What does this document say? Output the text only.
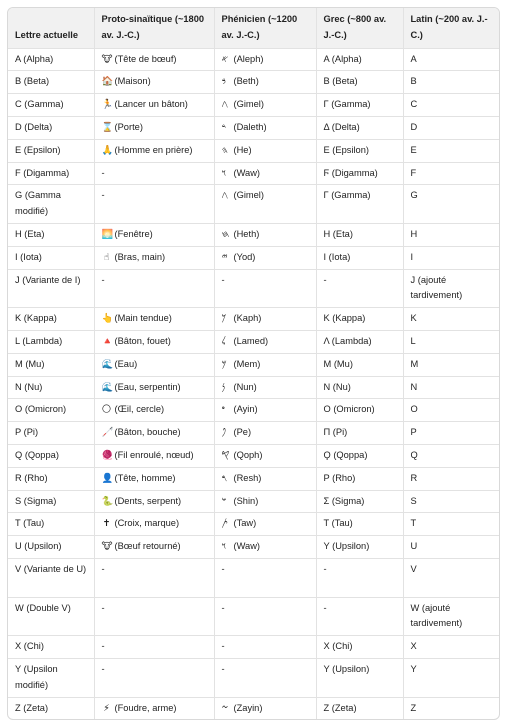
Lettre actuelle	Proto-sinaïtique (~1800 av. J.-C.)	Phénicien (~1200 av. J.-C.)	Grec (~800 av. J.-C.)	Latin (~200 av. J.-C.)
A (Alpha)	🐮 (Tête de bœuf)	𐤀 (Aleph)	Α (Alpha)	A
B (Beta)	🏠(Maison)	𐤁 (Beth)	Β (Beta)	B
C (Gamma)	🏃(Lancer un bâton)	𐤂 (Gimel)	Γ (Gamma)	C
D (Delta)	⌛(Porte)	𐤃 (Daleth)	Δ (Delta)	D
E (Epsilon)	🙏(Homme en prière)	𐤄 (He)	Ε (Epsilon)	E
F (Digamma)	-	𐤅 (Waw)	Ϝ (Digamma)	F
G (Gamma modifié)	-	𐤂 (Gimel)	Γ (Gamma)	G
H (Eta)	🌅(Fenêtre)	𐤇 (Heth)	Η (Eta)	H
I (Iota)	☝ (Bras, main)	𐤉 (Yod)	Ι (Iota)	I
J (Variante de I)	-	-	-	J (ajouté tardivement)
K (Kappa)	👆(Main tendue)	𐤊 (Kaph)	Κ (Kappa)	K
L (Lambda)	🔺(Bâton, fouet)	𐤋 (Lamed)	Λ (Lambda)	L
M (Mu)	🌊(Eau)	𐤌 (Mem)	Μ (Mu)	M
N (Nu)	🌊(Eau, serpentin)	𐤍 (Nun)	Ν (Nu)	N
O (Omicron)	🌕 (Œil, cercle)	𐤏 (Ayin)	Ο (Omicron)	O
P (Pi)	🦯(Bâton, bouche)	𐤐 (Pe)	Π (Pi)	P
Q (Qoppa)	🧶(Fil enroulé, nœud)	𐤒 (Qoph)	Ϙ (Qoppa)	Q
R (Rho)	👤(Tête, homme)	𐤓 (Resh)	Ρ (Rho)	R
S (Sigma)	🐍(Dents, serpent)	𐤔 (Shin)	Σ (Sigma)	S
T (Tau)	✝ (Croix, marque)	𐤕 (Taw)	Τ (Tau)	T
U (Upsilon)	🐮 (Bœuf retourné)	𐤅 (Waw)	Υ (Upsilon)	U
V (Variante de U)	-	-	-	V
W (Double V)	-	-	-	W (ajouté tardivement)
X (Chi)	-	-	Χ (Chi)	X
Y (Upsilon modifié)	-	-	Υ (Upsilon)	Y
Z (Zeta)	⚡ (Foudre, arme)	𐤆 (Zayin)	Ζ (Zeta)	Z
